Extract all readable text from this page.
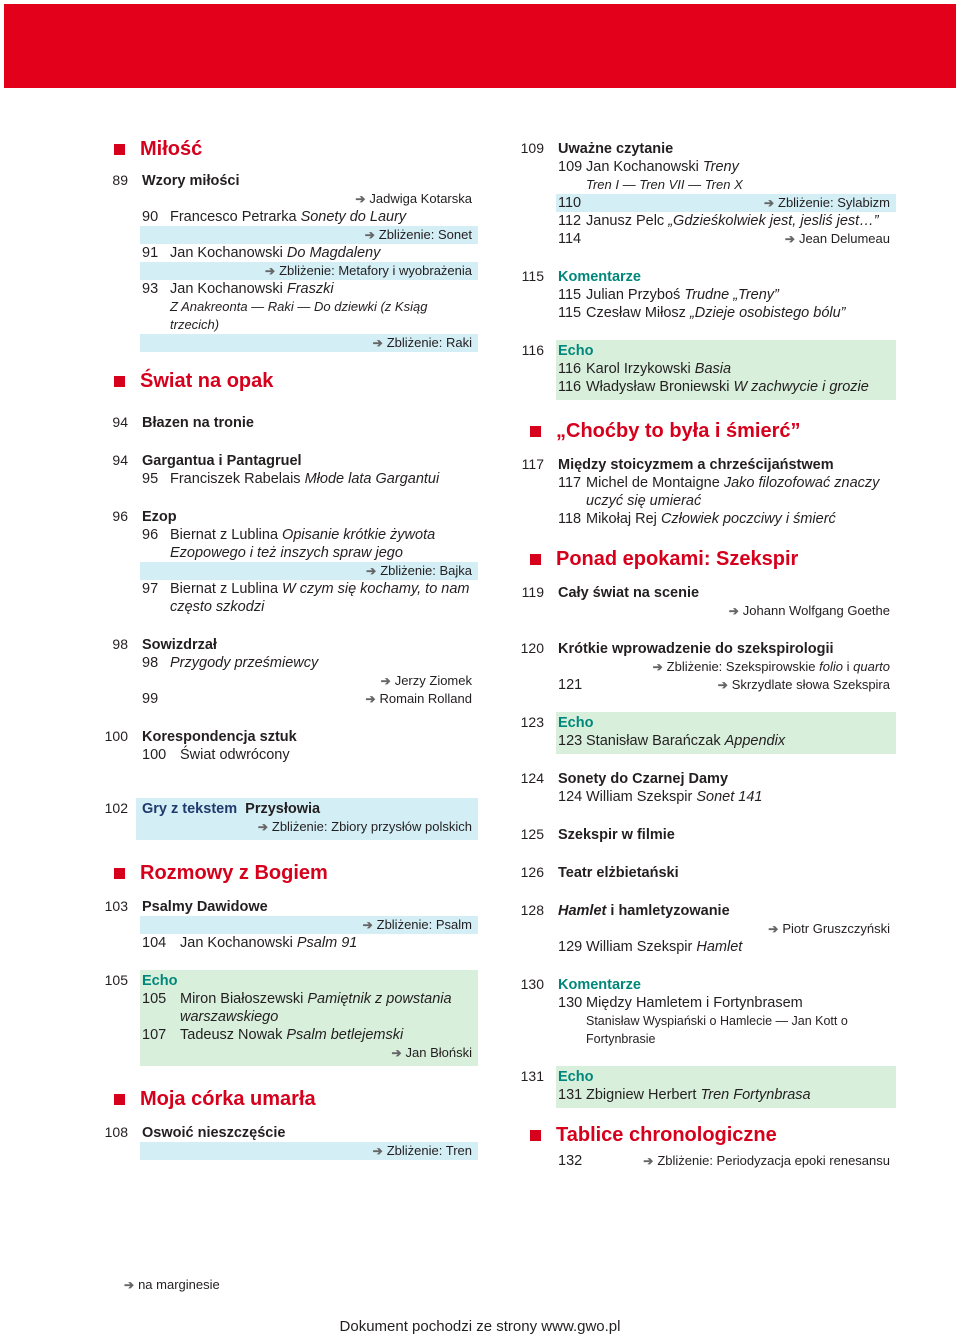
Miłość
89 Wzory miłości
➔ Jadwiga Kotarska
90 Francesco Petrarka Sonety do Laury
➔ Zbliżenie: Sonet
91 Jan Kochanowski Do Magdaleny
➔ Zbliżenie: Metafory i wyobrażenia
93 Jan Kochanowski Fraszki
Z Anakreonta — Raki — Do dziewki (z Ksiąg trzecich)
➔ Zbliżenie: Raki
Świat na opak
94 Błazen na tronie
94 Gargantua i Pantagruel
95 Franciszek Rabelais Młode lata Gargantui
96 Ezop
96 Biernat z Lublina Opisanie krótkie żywota Ezopowego i też inszych spraw jego
➔ Zbliżenie: Bajka
97 Biernat z Lublina W czym się kochamy, to nam często szkodzi
98 Sowizdrzał
98 Przygody prześmiewcy
➔ Jerzy Ziomek
99	➔ Romain Rolland

100 Korespondencja sztuk
100 Świat odwrócony
102 Gry z tekstem Przysłowia
➔ Zbliżenie: Zbiory przysłów polskich
Rozmowy z Bogiem
103 Psalmy Dawidowe
➔ Zbliżenie: Psalm
104 Jan Kochanowski Psalm 91
105 Echo
105 Miron Białoszewski Pamiętnik z powstania warszawskiego
107 Tadeusz Nowak Psalm betlejemski
➔ Jan Błoński
Moja córka umarła
108 Oswoić nieszczęście
➔ Zbliżenie: Tren
109 Uważne czytanie
109 Jan Kochanowski Treny
Tren I — Tren VII — Tren X
110	➔ Zbliżenie: Sylabizm

112 Janusz Pelc „Gdzieśkolwiek jest, jesliś jest…”
114	➔ Jean Delumeau

115 Komentarze
115 Julian Przyboś Trudne „Treny”
115 Czesław Miłosz „Dzieje osobistego bólu”
116 Echo
116 Karol Irzykowski Basia
116 Władysław Broniewski W zachwycie i grozie
„Choćby to była i śmierć”
117 Między stoicyzmem a chrześcijaństwem
117 Michel de Montaigne Jako filozofować znaczy uczyć się umierać
118 Mikołaj Rej Człowiek poczciwy i śmierć
Ponad epokami: Szekspir
119 Cały świat na scenie
➔ Johann Wolfgang Goethe
120 Krótkie wprowadzenie do szekspirologii
➔ Zbliżenie: Szekspirowskie folio i quarto
121	➔ Skrzydlate słowa Szekspira

123 Echo
123 Stanisław Barańczak Appendix
124 Sonety do Czarnej Damy
124 William Szekspir Sonet 141
125 Szekspir w filmie
126 Teatr elżbietański
128 Hamlet i hamletyzowanie
➔ Piotr Gruszczyński
129 William Szekspir Hamlet
130 Komentarze
130 Między Hamletem i Fortynbrasem
Stanisław Wyspiański o Hamlecie — Jan Kott o Fortynbrasie
131 Echo
131 Zbigniew Herbert Tren Fortynbrasa
Tablice chronologiczne
132	➔ Zbliżenie: Periodyzacja epoki renesansu
➔ na marginesie
Dokument pochodzi ze strony www.gwo.pl
